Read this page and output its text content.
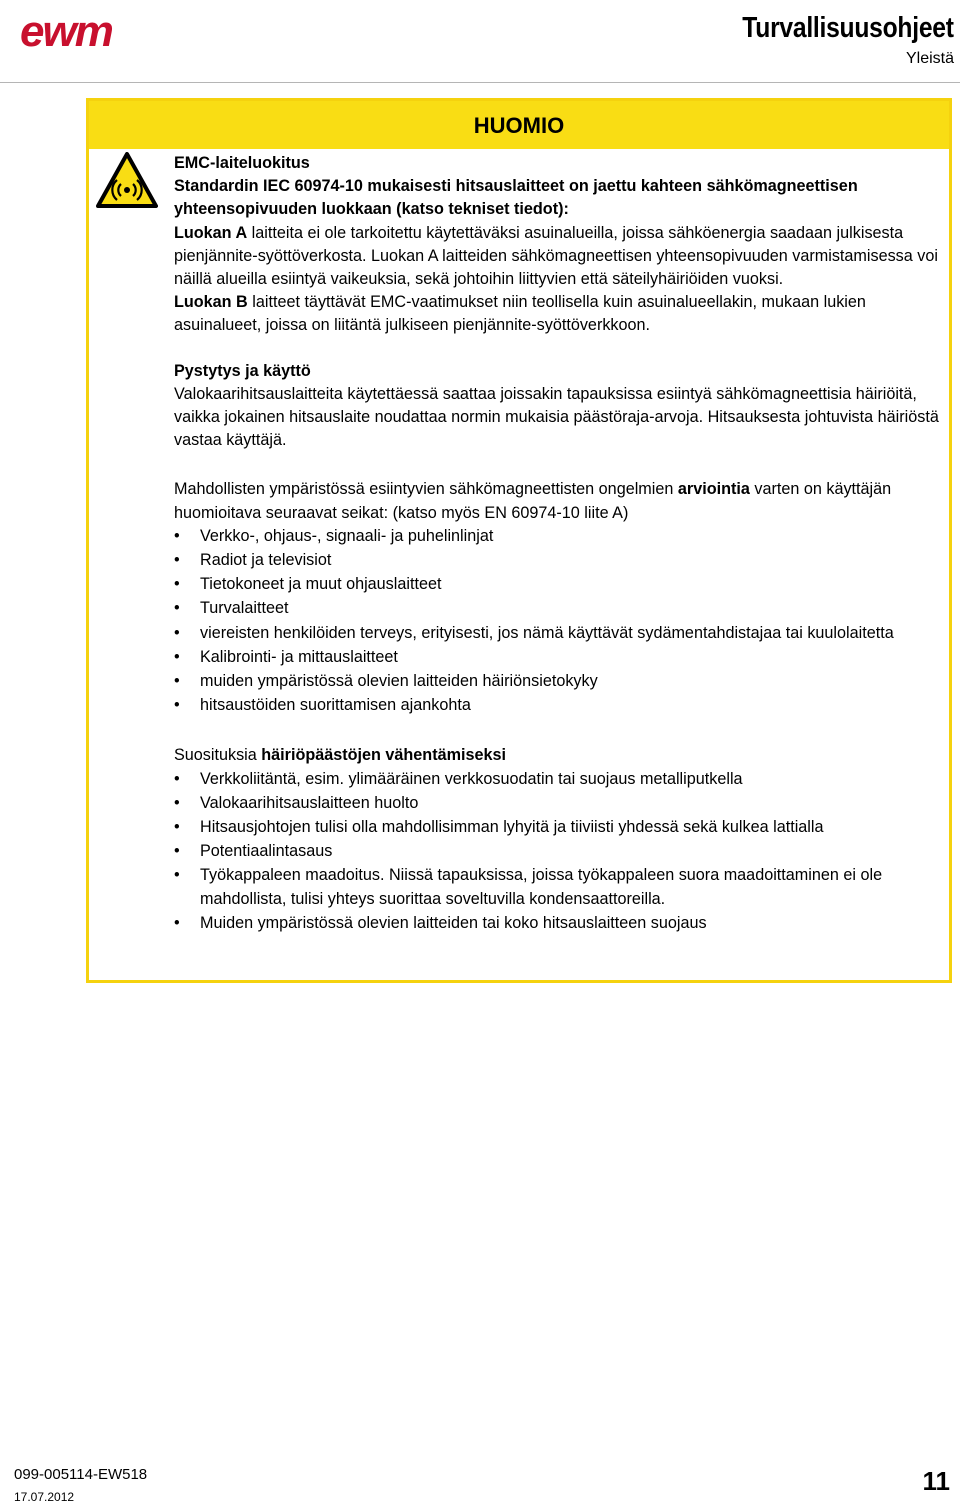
ewm	Turvallisuusohjeet
Yleistä
HUOMIO

EMC-laiteluokitus

Standardin IEC 60974-10 mukaisesti hitsauslaitteet on jaettu kahteen sähkömagneettisen yhteensopivuuden luokkaan (katso tekniset tiedot):

Luokan A laitteita ei ole tarkoitettu käytettäväksi asuinalueilla, joissa sähköenergia saadaan julkisesta pienjännite-syöttöverkosta. Luokan A laitteiden sähkömagneettisen yhteensopivuuden varmistamisessa voi näillä alueilla esiintyä vaikeuksia, sekä johtoihin liittyvien että säteilyhäiriöiden vuoksi.

Luokan B laitteet täyttävät EMC-vaatimukset niin teollisella kuin asuinalueellakin, mukaan lukien asuinalueet, joissa on liitäntä julkiseen pienjännite-syöttöverkkoon.

Pystytys ja käyttö

Valokaarihitsauslaitteita käytettäessä saattaa joissakin tapauksissa esiintyä sähkömagneettisia häiriöitä, vaikka jokainen hitsauslaite noudattaa normin mukaisia päästöraja-arvoja. Hitsauksesta johtuvista häiriöstä vastaa käyttäjä.

Mahdollisten ympäristössä esiintyvien sähkömagneettisten ongelmien arviointia varten on käyttäjän huomioitava seuraavat seikat: (katso myös EN 60974-10 liite A)

• Verkko-, ohjaus-, signaali- ja puhelinlinjat
• Radiot ja televisiot
• Tietokoneet ja muut ohjauslaitteet
• Turvalaitteet
• viereisten henkilöiden terveys, erityisesti, jos nämä käyttävät sydämentahdistajaa tai kuulolaitetta
• Kalibrointi- ja mittauslaitteet
• muiden ympäristössä olevien laitteiden häiriönsietokyky
• hitsaustöiden suorittamisen ajankohta

Suosituksia häiriöpäästöjen vähentämiseksi

• Verkkoliitäntä, esim. ylimääräinen verkkosuodatin tai suojaus metalliputkella
• Valokaarihitsauslaitteen huolto
• Hitsausjohtojen tulisi olla mahdollisimman lyhyitä ja tiiviisti yhdessä sekä kulkea lattialla
• Potentiaalintasaus
• Työkappaleen maadoitus. Niissä tapauksissa, joissa työkappaleen suora maadoittaminen ei ole mahdollista, tulisi yhteys suorittaa soveltuvilla kondensaattoreilla.
• Muiden ympäristössä olevien laitteiden tai koko hitsauslaitteen suojaus
099-005114-EW518
17.07.2012
11
